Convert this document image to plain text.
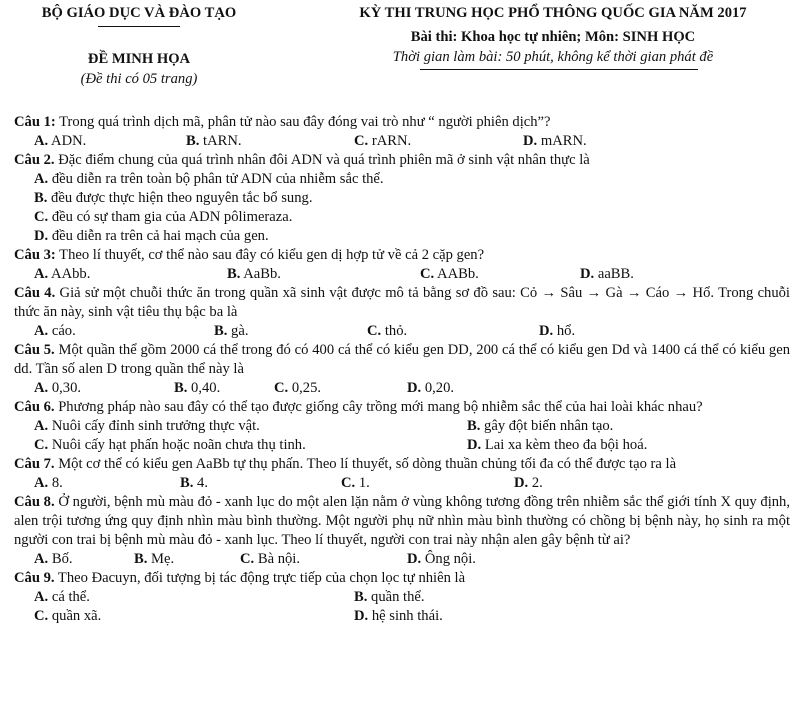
BỘ GIÁO DỤC VÀ ĐÀO TẠO
ĐỀ MINH HỌA
(Đề thi có 05 trang)
KỲ THI TRUNG HỌC PHỔ THÔNG QUỐC GIA NĂM 2017
Bài thi: Khoa học tự nhiên; Môn: SINH HỌC
Thời gian làm bài: 50 phút, không kể thời gian phát đề

Câu 1: Trong quá trình dịch mã, phân tử nào sau đây đóng vai trò như “ người phiên dịch”?

A. ADN.	B. tARN.	C. rARN.	D. mARN.

Câu 2. Đặc điểm chung của quá trình nhân đôi ADN và quá trình phiên mã ở sinh vật nhân thực là

A. đều diễn ra trên toàn bộ phân tử ADN của nhiễm sắc thể.
B. đều được thực hiện theo nguyên tắc bổ sung.
C. đều có sự tham gia của ADN pôlimeraza.
D. đều diễn ra trên cả hai mạch của gen.

Câu 3: Theo lí thuyết, cơ thể nào sau đây có kiểu gen dị hợp tử về cả 2 cặp gen?

A. AAbb.	B. AaBb.	C. AABb.	D. aaBB.

Câu 4. Giả sử một chuỗi thức ăn trong quần xã sinh vật được mô tả bằng sơ đồ sau: Cỏ → Sâu → Gà → Cáo → Hổ. Trong chuỗi thức ăn này, sinh vật tiêu thụ bậc ba là

A. cáo.	B. gà.	C. thỏ.	D. hổ.

Câu 5. Một quần thể gồm 2000 cá thể trong đó có 400 cá thể có kiểu gen DD, 200 cá thể có kiểu gen Dd và 1400 cá thể có kiểu gen dd. Tần số alen D trong quần thể này là

A. 0,30.	B. 0,40.	C. 0,25.	D. 0,20.

Câu 6. Phương pháp nào sau đây có thể tạo được giống cây trồng mới mang bộ nhiễm sắc thể của hai loài khác nhau?

A. Nuôi cấy đỉnh sinh trưởng thực vật.	B. gây đột biến nhân tạo.
C. Nuôi cấy hạt phấn hoặc noãn chưa thụ tinh.	D. Lai xa kèm theo đa bội hoá.

Câu 7. Một cơ thể có kiểu gen AaBb tự thụ phấn. Theo lí thuyết, số dòng thuần chủng tối đa có thể được tạo ra là

A. 8.	B. 4.	C. 1.	D. 2.

Câu 8. Ở người, bệnh mù màu đỏ - xanh lục do một alen lặn nằm ở vùng không tương đồng trên nhiễm sắc thể giới tính X quy định, alen trội tương ứng quy định nhìn màu bình thường. Một người phụ nữ nhìn màu bình thường có chồng bị bệnh này, họ sinh ra một người con trai bị bệnh mù màu đỏ - xanh lục. Theo lí thuyết, người con trai này nhận alen gây bệnh từ ai?

A. Bố.	B. Mẹ.	C. Bà nội.	D. Ông nội.

Câu 9. Theo Đacuyn, đối tượng bị tác động trực tiếp của chọn lọc tự nhiên là

A. cá thể.	B. quần thể.
C. quần xã.	D. hệ sinh thái.
